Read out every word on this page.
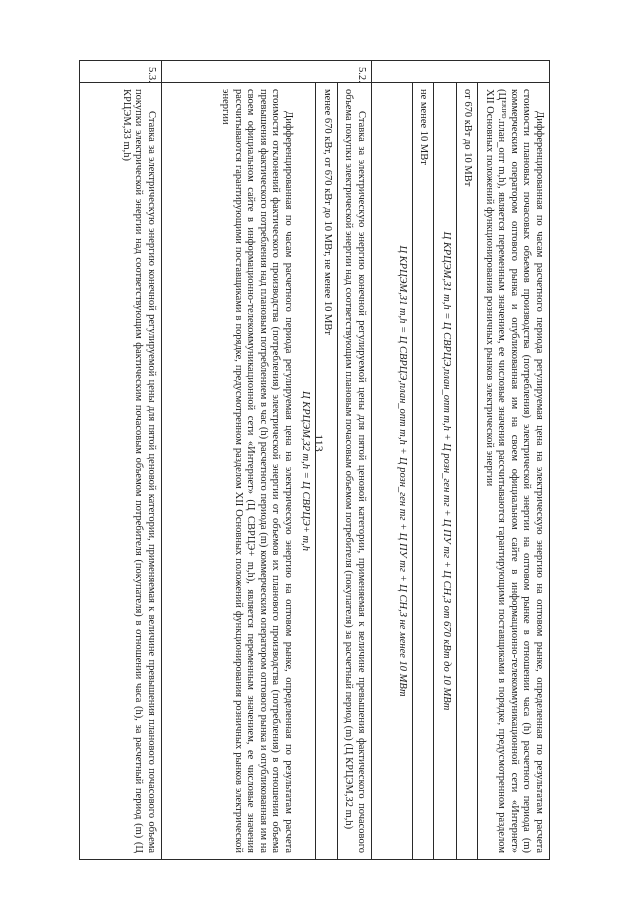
113

	Дифференцированная по часам расчетного периода регулируемая цена на электрическую энергию на оптовом рынке, определенная по результатам расчета стоимости плановых почасовых объемов производства (потребления) электрической энергии на оптовом рынке в отношении часа (h) расчетного периода (m) коммерческим оператором оптового рынка и опубликованная им на своем официальном сайте в информационно-телекоммуникационной сети «Интернет» (Цᴱᴿᴵᴾᴰ.план_опт m,h), является переменным значением, ее числовые значения рассчитываются гарантирующими поставщиками в порядке, предусмотренном разделом XII Основных положений функционирования розничных рынков электрической энергии

от 670 кВт до 10 МВт
Ц КРЦЭМ,З1 m,h = Ц СВРЦЭ,план_опт m,h + Ц розн_ген mг + Ц ПУ mг + Ц СН,З от 670 кВт до 10 МВт
не менее 10 МВт
Ц КРЦЭМ,З1 m,h = Ц СВРЦЭ,план_опт m,h + Ц розн_ген mг + Ц ПУ mг + Ц СН,З не менее 10 МВт

5.2.	Ставка за электрическую энергию конечной регулируемой цены для пятой ценовой категории, применяемая к величине превышения фактического почасового объема покупки электрической энергии над соответствующим плановым почасовым объемом потребителя (покупателя) за расчетный период (m) (Ц КРЦЭМ,З2 m,h)

менее 670 кВт, от 670 кВт до 10 МВт, не менее 10 МВт
Ц КРЦЭМ,З2 m,h = Ц СВРЦЭ+ m,h

Дифференцированная по часам расчетного периода регулируемая цена на электрическую энергию на оптовом рынке, определенная по результатам расчета стоимости отклонений фактического производства (потребления) электрической энергии от объемов их планового производства (потребления) в отношении объема превышения фактического потребления над плановым потреблением в час (h) расчетного периода (m) коммерческим оператором оптового рынка и опубликованная им на своем официальном сайте в информационно-телекоммуникационной сети «Интернет» (Ц СВРЦЭ+ m,h), является переменным значением, ее числовые значения рассчитываются гарантирующими поставщиками в порядке, предусмотренном разделом XII Основных положений функционирования розничных рынков электрической энергии

5.3.	Ставка за электрическую энергию конечной регулируемой цены для пятой ценовой категории, применяемая к величине превышения планового почасового объема покупки электрической энергии над соответствующим фактическим почасовым объемом потребителя (покупателя) в отношении часа (h), за расчетный период (m) (Ц КРЦЭМ,З3 m,h)
